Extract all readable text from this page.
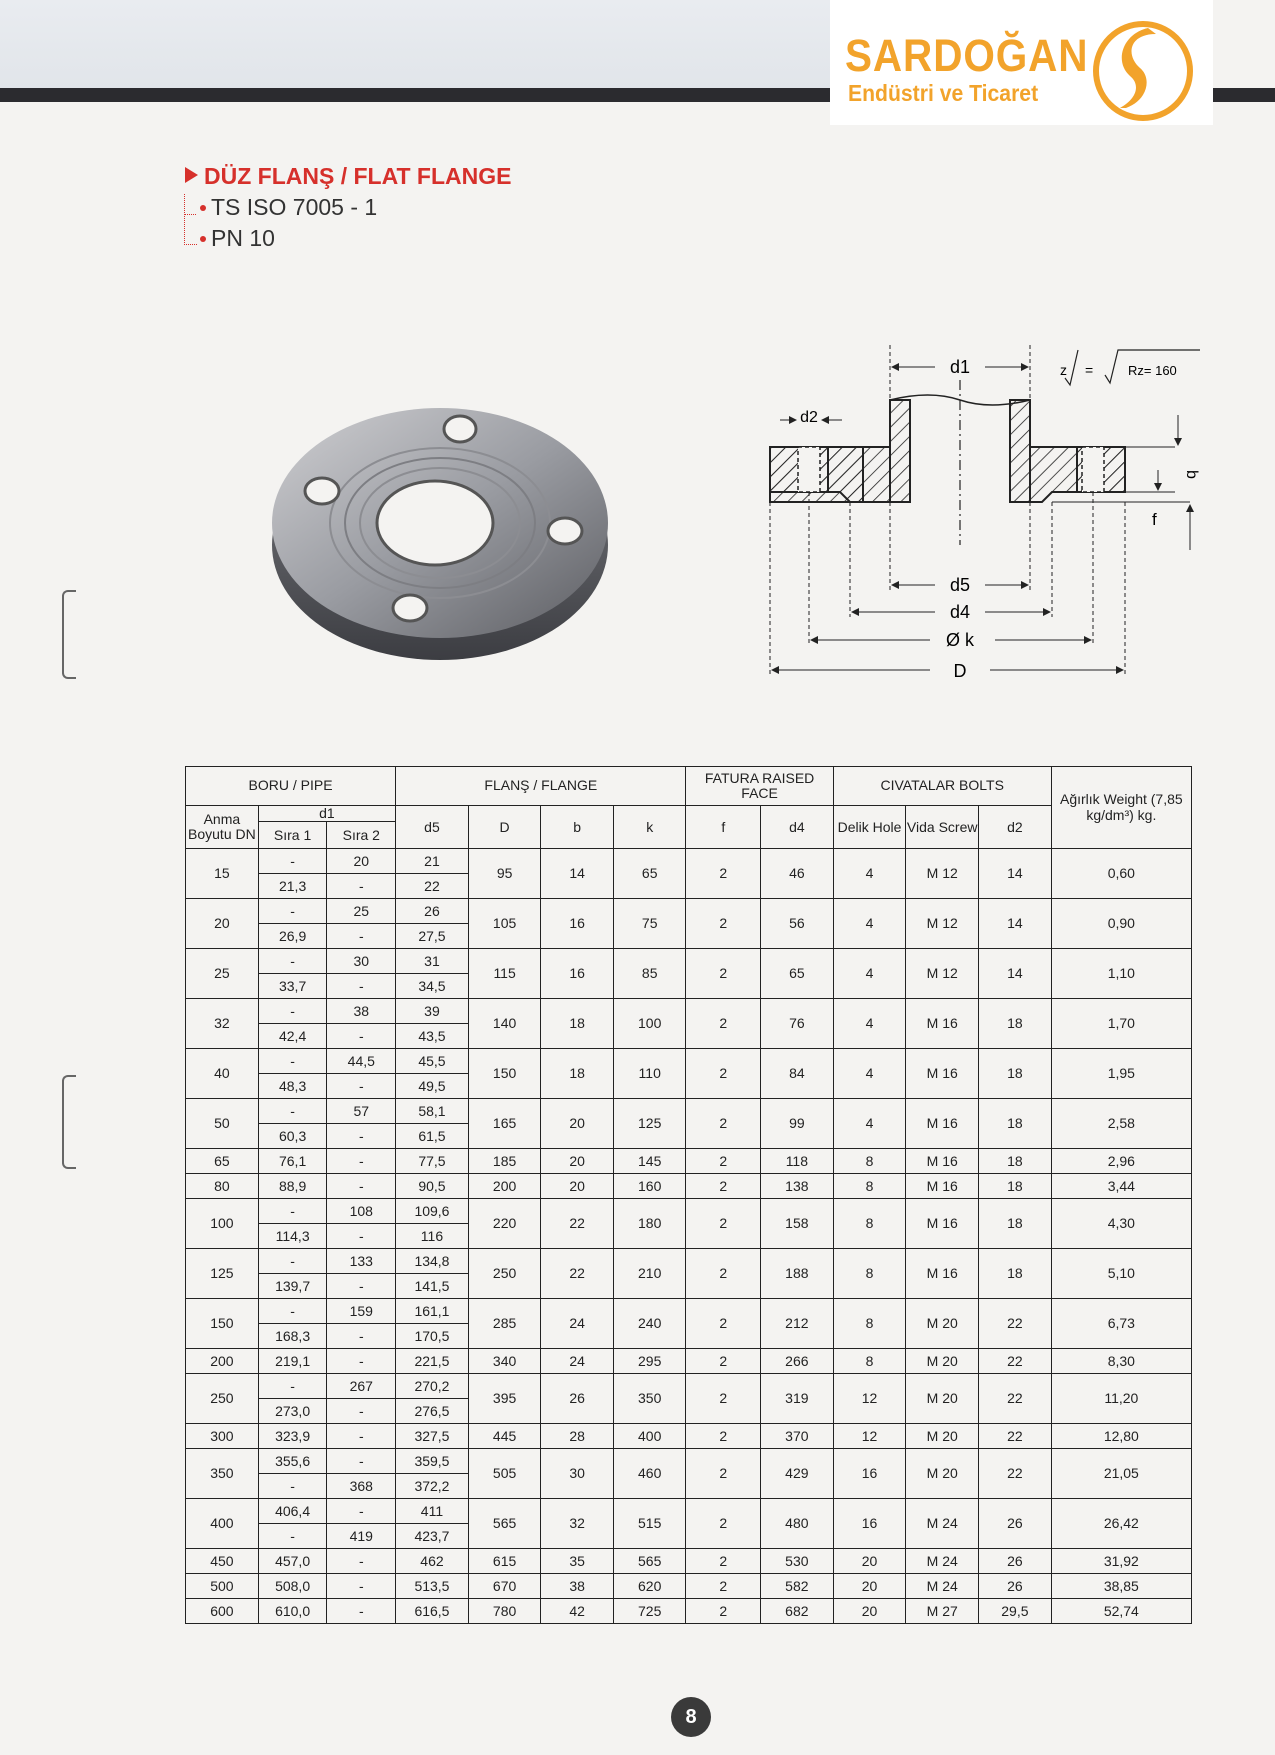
SARDOĞAN
Endüstri ve Ticaret
DÜZ FLANŞ / FLAT FLANGE
TS ISO 7005 - 1
PN 10
d1
d2
d5
d4
Ø k
D
b
f
z =	Rz= 160
BORU / PIPE			FLANŞ / FLANGE				FATURA RAISED FACE		CIVATALAR BOLTS			Ağırlık Weight (7,85 kg/dm³) kg.
Anma Boyutu DN	d1		d5	D	b	k	f	d4	Delik Hole	Vida Screw	d2	
	Sıra 1	Sıra 2										
15	-	20	21	95	14	65	2	46	4	M 12	14	0,60
	21,3	-	22									
20	-	25	26	105	16	75	2	56	4	M 12	14	0,90
	26,9	-	27,5									
25	-	30	31	115	16	85	2	65	4	M 12	14	1,10
	33,7	-	34,5									
32	-	38	39	140	18	100	2	76	4	M 16	18	1,70
	42,4	-	43,5									
40	-	44,5	45,5	150	18	110	2	84	4	M 16	18	1,95
	48,3	-	49,5									
50	-	57	58,1	165	20	125	2	99	4	M 16	18	2,58
	60,3	-	61,5									
65	76,1	-	77,5	185	20	145	2	118	8	M 16	18	2,96
80	88,9	-	90,5	200	20	160	2	138	8	M 16	18	3,44
100	-	108	109,6	220	22	180	2	158	8	M 16	18	4,30
	114,3	-	116									
125	-	133	134,8	250	22	210	2	188	8	M 16	18	5,10
	139,7	-	141,5									
150	-	159	161,1	285	24	240	2	212	8	M 20	22	6,73
	168,3	-	170,5									
200	219,1	-	221,5	340	24	295	2	266	8	M 20	22	8,30
250	-	267	270,2	395	26	350	2	319	12	M 20	22	11,20
	273,0	-	276,5									
300	323,9	-	327,5	445	28	400	2	370	12	M 20	22	12,80
350	355,6	-	359,5	505	30	460	2	429	16	M 20	22	21,05
	-	368	372,2									
400	406,4	-	411	565	32	515	2	480	16	M 24	26	26,42
	-	419	423,7									
450	457,0	-	462	615	35	565	2	530	20	M 24	26	31,92
500	508,0	-	513,5	670	38	620	2	582	20	M 24	26	38,85
600	610,0	-	616,5	780	42	725	2	682	20	M 27	29,5	52,74
8
